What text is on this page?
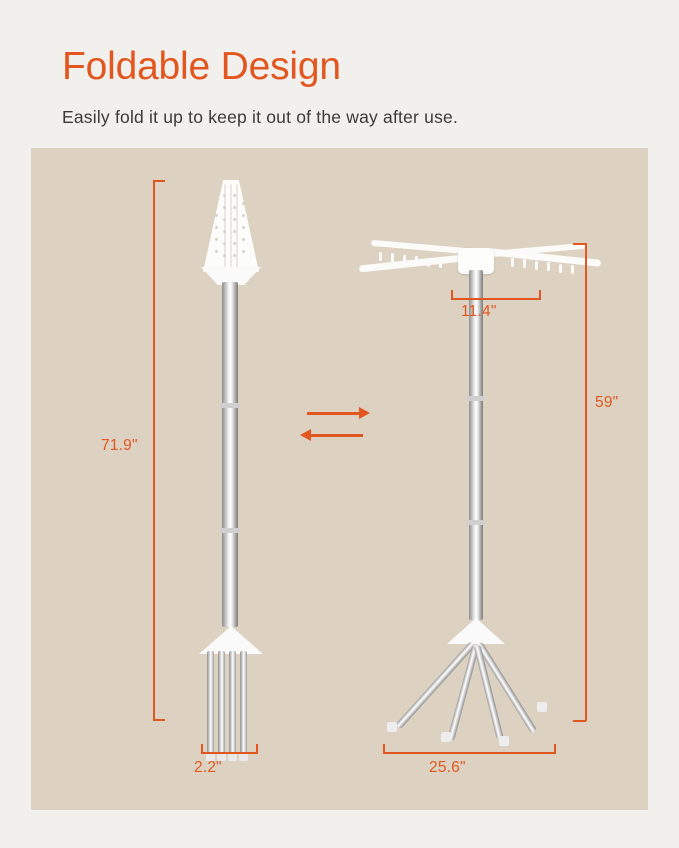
Foldable Design
Easily fold it up to keep it out of the way after use.
71.9"
2.2"
11.4"
59"
25.6"
